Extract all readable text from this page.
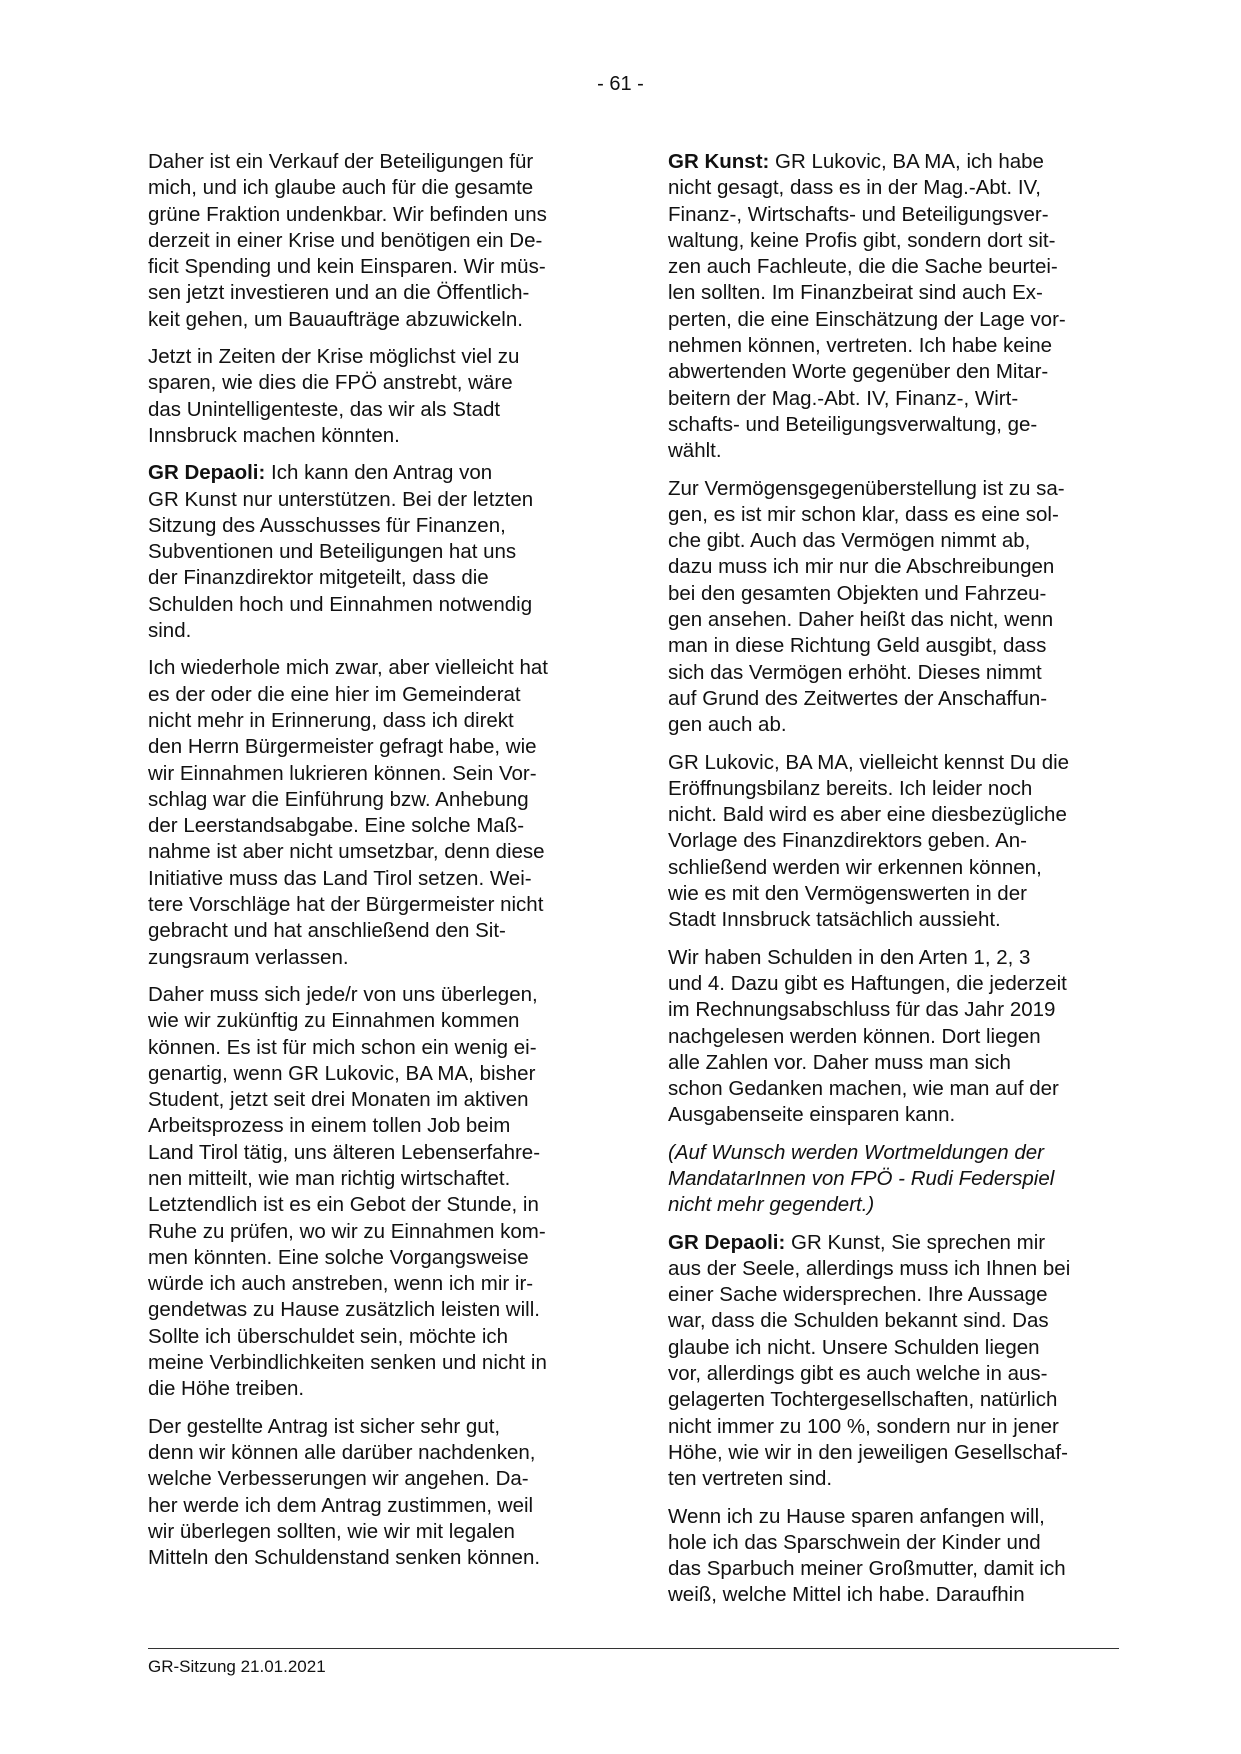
- 61 -

Daher ist ein Verkauf der Beteiligungen für
mich, und ich glaube auch für die gesamte
grüne Fraktion undenkbar. Wir befinden uns
derzeit in einer Krise und benötigen ein De-
ficit Spending und kein Einsparen. Wir müs-
sen jetzt investieren und an die Öffentlich-
keit gehen, um Bauaufträge abzuwickeln.

Jetzt in Zeiten der Krise möglichst viel zu
sparen, wie dies die FPÖ anstrebt, wäre
das Unintelligenteste, das wir als Stadt
Innsbruck machen könnten.

GR Depaoli: Ich kann den Antrag von
GR Kunst nur unterstützen. Bei der letzten
Sitzung des Ausschusses für Finanzen,
Subventionen und Beteiligungen hat uns
der Finanzdirektor mitgeteilt, dass die
Schulden hoch und Einnahmen notwendig
sind.

Ich wiederhole mich zwar, aber vielleicht hat
es der oder die eine hier im Gemeinderat
nicht mehr in Erinnerung, dass ich direkt
den Herrn Bürgermeister gefragt habe, wie
wir Einnahmen lukrieren können. Sein Vor-
schlag war die Einführung bzw. Anhebung
der Leerstandsabgabe. Eine solche Maß-
nahme ist aber nicht umsetzbar, denn diese
Initiative muss das Land Tirol setzen. Wei-
tere Vorschläge hat der Bürgermeister nicht
gebracht und hat anschließend den Sit-
zungsraum verlassen.

Daher muss sich jede/r von uns überlegen,
wie wir zukünftig zu Einnahmen kommen
können. Es ist für mich schon ein wenig ei-
genartig, wenn GR Lukovic, BA MA, bisher
Student, jetzt seit drei Monaten im aktiven
Arbeitsprozess in einem tollen Job beim
Land Tirol tätig, uns älteren Lebenserfahre-
nen mitteilt, wie man richtig wirtschaftet.
Letztendlich ist es ein Gebot der Stunde, in
Ruhe zu prüfen, wo wir zu Einnahmen kom-
men könnten. Eine solche Vorgangsweise
würde ich auch anstreben, wenn ich mir ir-
gendetwas zu Hause zusätzlich leisten will.
Sollte ich überschuldet sein, möchte ich
meine Verbindlichkeiten senken und nicht in
die Höhe treiben.

Der gestellte Antrag ist sicher sehr gut,
denn wir können alle darüber nachdenken,
welche Verbesserungen wir angehen. Da-
her werde ich dem Antrag zustimmen, weil
wir überlegen sollten, wie wir mit legalen
Mitteln den Schuldenstand senken können.

GR Kunst: GR Lukovic, BA MA, ich habe
nicht gesagt, dass es in der Mag.-Abt. IV,
Finanz-, Wirtschafts- und Beteiligungsver-
waltung, keine Profis gibt, sondern dort sit-
zen auch Fachleute, die die Sache beurtei-
len sollten. Im Finanzbeirat sind auch Ex-
perten, die eine Einschätzung der Lage vor-
nehmen können, vertreten. Ich habe keine
abwertenden Worte gegenüber den Mitar-
beitern der Mag.-Abt. IV, Finanz-, Wirt-
schafts- und Beteiligungsverwaltung, ge-
wählt.

Zur Vermögensgegenüberstellung ist zu sa-
gen, es ist mir schon klar, dass es eine sol-
che gibt. Auch das Vermögen nimmt ab,
dazu muss ich mir nur die Abschreibungen
bei den gesamten Objekten und Fahrzeu-
gen ansehen. Daher heißt das nicht, wenn
man in diese Richtung Geld ausgibt, dass
sich das Vermögen erhöht. Dieses nimmt
auf Grund des Zeitwertes der Anschaffun-
gen auch ab.

GR Lukovic, BA MA, vielleicht kennst Du die
Eröffnungsbilanz bereits. Ich leider noch
nicht. Bald wird es aber eine diesbezügliche
Vorlage des Finanzdirektors geben. An-
schließend werden wir erkennen können,
wie es mit den Vermögenswerten in der
Stadt Innsbruck tatsächlich aussieht.

Wir haben Schulden in den Arten 1, 2, 3
und 4. Dazu gibt es Haftungen, die jederzeit
im Rechnungsabschluss für das Jahr 2019
nachgelesen werden können. Dort liegen
alle Zahlen vor. Daher muss man sich
schon Gedanken machen, wie man auf der
Ausgabenseite einsparen kann.

(Auf Wunsch werden Wortmeldungen der
MandatarInnen von FPÖ - Rudi Federspiel
nicht mehr gegendert.)

GR Depaoli: GR Kunst, Sie sprechen mir
aus der Seele, allerdings muss ich Ihnen bei
einer Sache widersprechen. Ihre Aussage
war, dass die Schulden bekannt sind. Das
glaube ich nicht. Unsere Schulden liegen
vor, allerdings gibt es auch welche in aus-
gelagerten Tochtergesellschaften, natürlich
nicht immer zu 100 %, sondern nur in jener
Höhe, wie wir in den jeweiligen Gesellschaf-
ten vertreten sind.

Wenn ich zu Hause sparen anfangen will,
hole ich das Sparschwein der Kinder und
das Sparbuch meiner Großmutter, damit ich
weiß, welche Mittel ich habe. Daraufhin

GR-Sitzung 21.01.2021
